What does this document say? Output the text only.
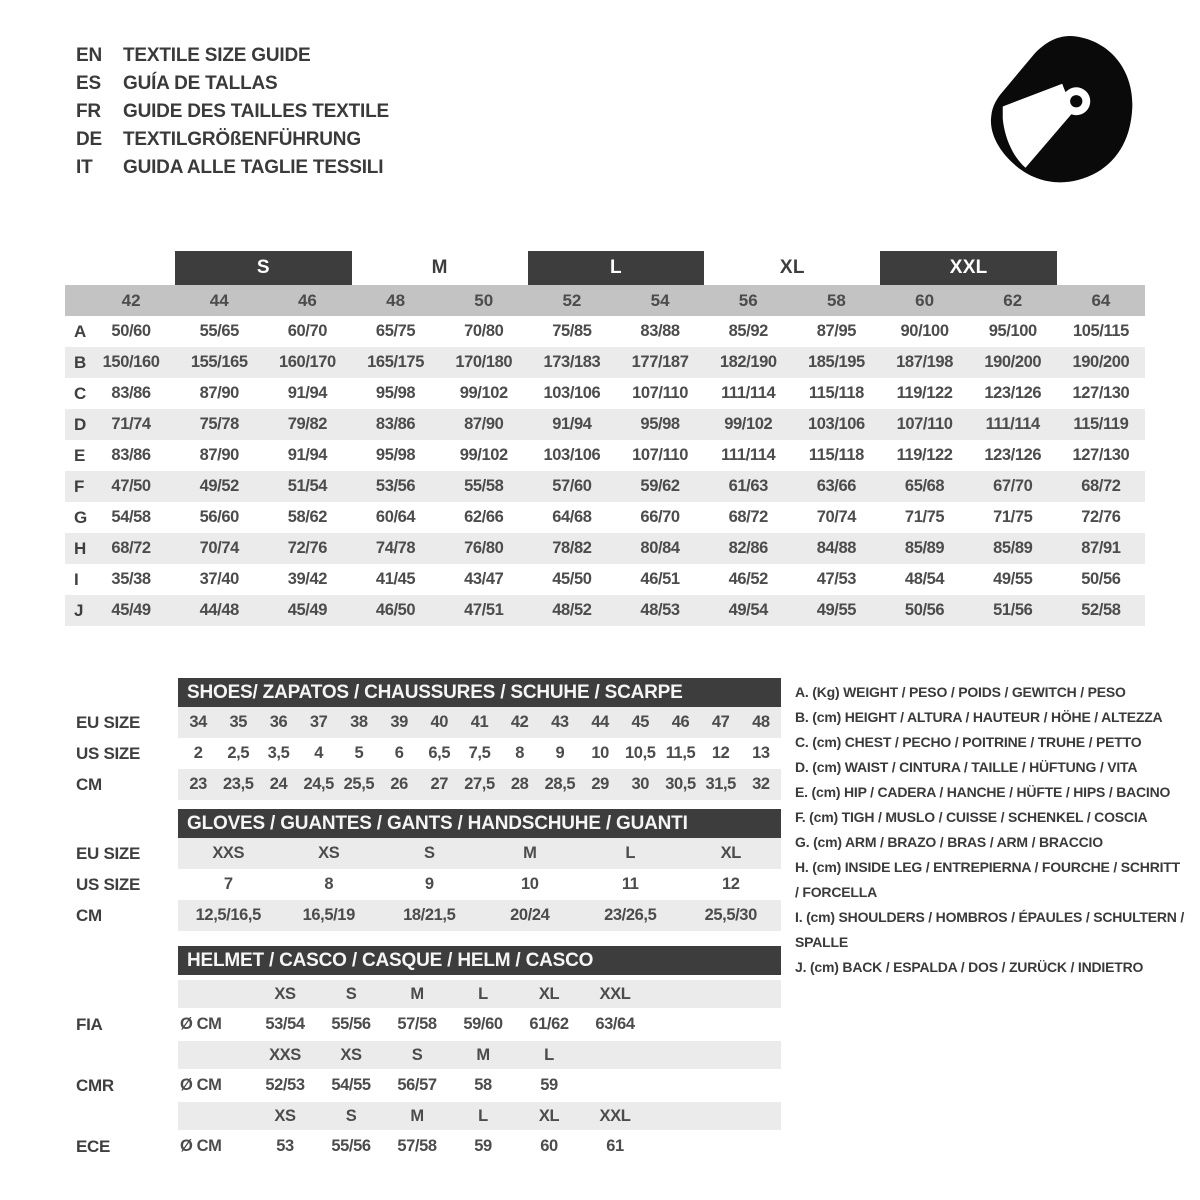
EN	TEXTILE SIZE GUIDE
ES	GUÍA DE TALLAS
FR	GUIDE DES TAILLES TEXTILE
DE	TEXTILGRÖßENFÜHRUNG
IT	GUIDA ALLE TAGLIE TESSILI
S	M	L	XL	XXL
42	44	46	48	50	52	54	56	58	60	62	64
A	50/60	55/65	60/70	65/75	70/80	75/85	83/88	85/92	87/95	90/100	95/100	105/115
B 150/160	155/165	160/170	165/175	170/180	173/183	177/187	182/190	185/195	187/198	190/200	190/200
C	83/86	87/90	91/94	95/98	99/102	103/106	107/110	111/114	115/118	119/122	123/126	127/130
D	71/74	75/78	79/82	83/86	87/90	91/94	95/98	99/102	103/106	107/110	111/114	115/119
E	83/86	87/90	91/94	95/98	99/102	103/106	107/110	111/114	115/118	119/122	123/126	127/130
F	47/50	49/52	51/54	53/56	55/58	57/60	59/62	61/63	63/66	65/68	67/70	68/72
G	54/58	56/60	58/62	60/64	62/66	64/68	66/70	68/72	70/74	71/75	71/75	72/76
H	68/72	70/74	72/76	74/78	76/80	78/82	80/84	82/86	84/88	85/89	85/89	87/91
I	35/38	37/40	39/42	41/45	43/47	45/50	46/51	46/52	47/53	48/54	49/55	50/56
J	45/49	44/48	45/49	46/50	47/51	48/52	48/53	49/54	49/55	50/56	51/56	52/58
SHOES/ ZAPATOS / CHAUSSURES / SCHUHE / SCARPE
EU SIZE	34	35	36	37	38	39	40	41	42	43	44	45	46	47	48
US SIZE	2	2,5	3,5	4	5	6	6,5	7,5	8	9	10 10,5 11,5	12	13
CM	23 23,5 24 24,5 25,5 26	27 27,5 28 28,5 29	30 30,5 31,5 32
GLOVES / GUANTES / GANTS / HANDSCHUHE / GUANTI
EU SIZE	XXS	XS	S	M	L	XL
US SIZE	7	8	9	10	11	12
CM	12,5/16,5	16,5/19	18/21,5	20/24	23/26,5	25,5/30
HELMET / CASCO / CASQUE / HELM / CASCO
XS	S	M	L	XL	XXL
FIA	Ø CM	53/54	55/56	57/58	59/60	61/62	63/64
XXS	XS	S	M	L
CMR	Ø CM	52/53	54/55	56/57	58	59
XS	S	M	L	XL	XXL
ECE	Ø CM	53	55/56	57/58	59	60	61
A. (Kg) WEIGHT / PESO / POIDS / GEWITCH / PESO
B. (cm) HEIGHT / ALTURA / HAUTEUR / HÖHE / ALTEZZA
C. (cm) CHEST / PECHO / POITRINE / TRUHE / PETTO
D. (cm) WAIST / CINTURA / TAILLE / HÜFTUNG / VITA
E. (cm) HIP / CADERA / HANCHE / HÜFTE / HIPS / BACINO
F. (cm) TIGH / MUSLO / CUISSE / SCHENKEL / COSCIA
G. (cm) ARM / BRAZO / BRAS / ARM / BRACCIO
H. (cm) INSIDE LEG / ENTREPIERNA / FOURCHE / SCHRITT / FORCELLA
I. (cm) SHOULDERS / HOMBROS / ÉPAULES / SCHULTERN / SPALLE
J. (cm) BACK / ESPALDA / DOS / ZURÜCK / INDIETRO
